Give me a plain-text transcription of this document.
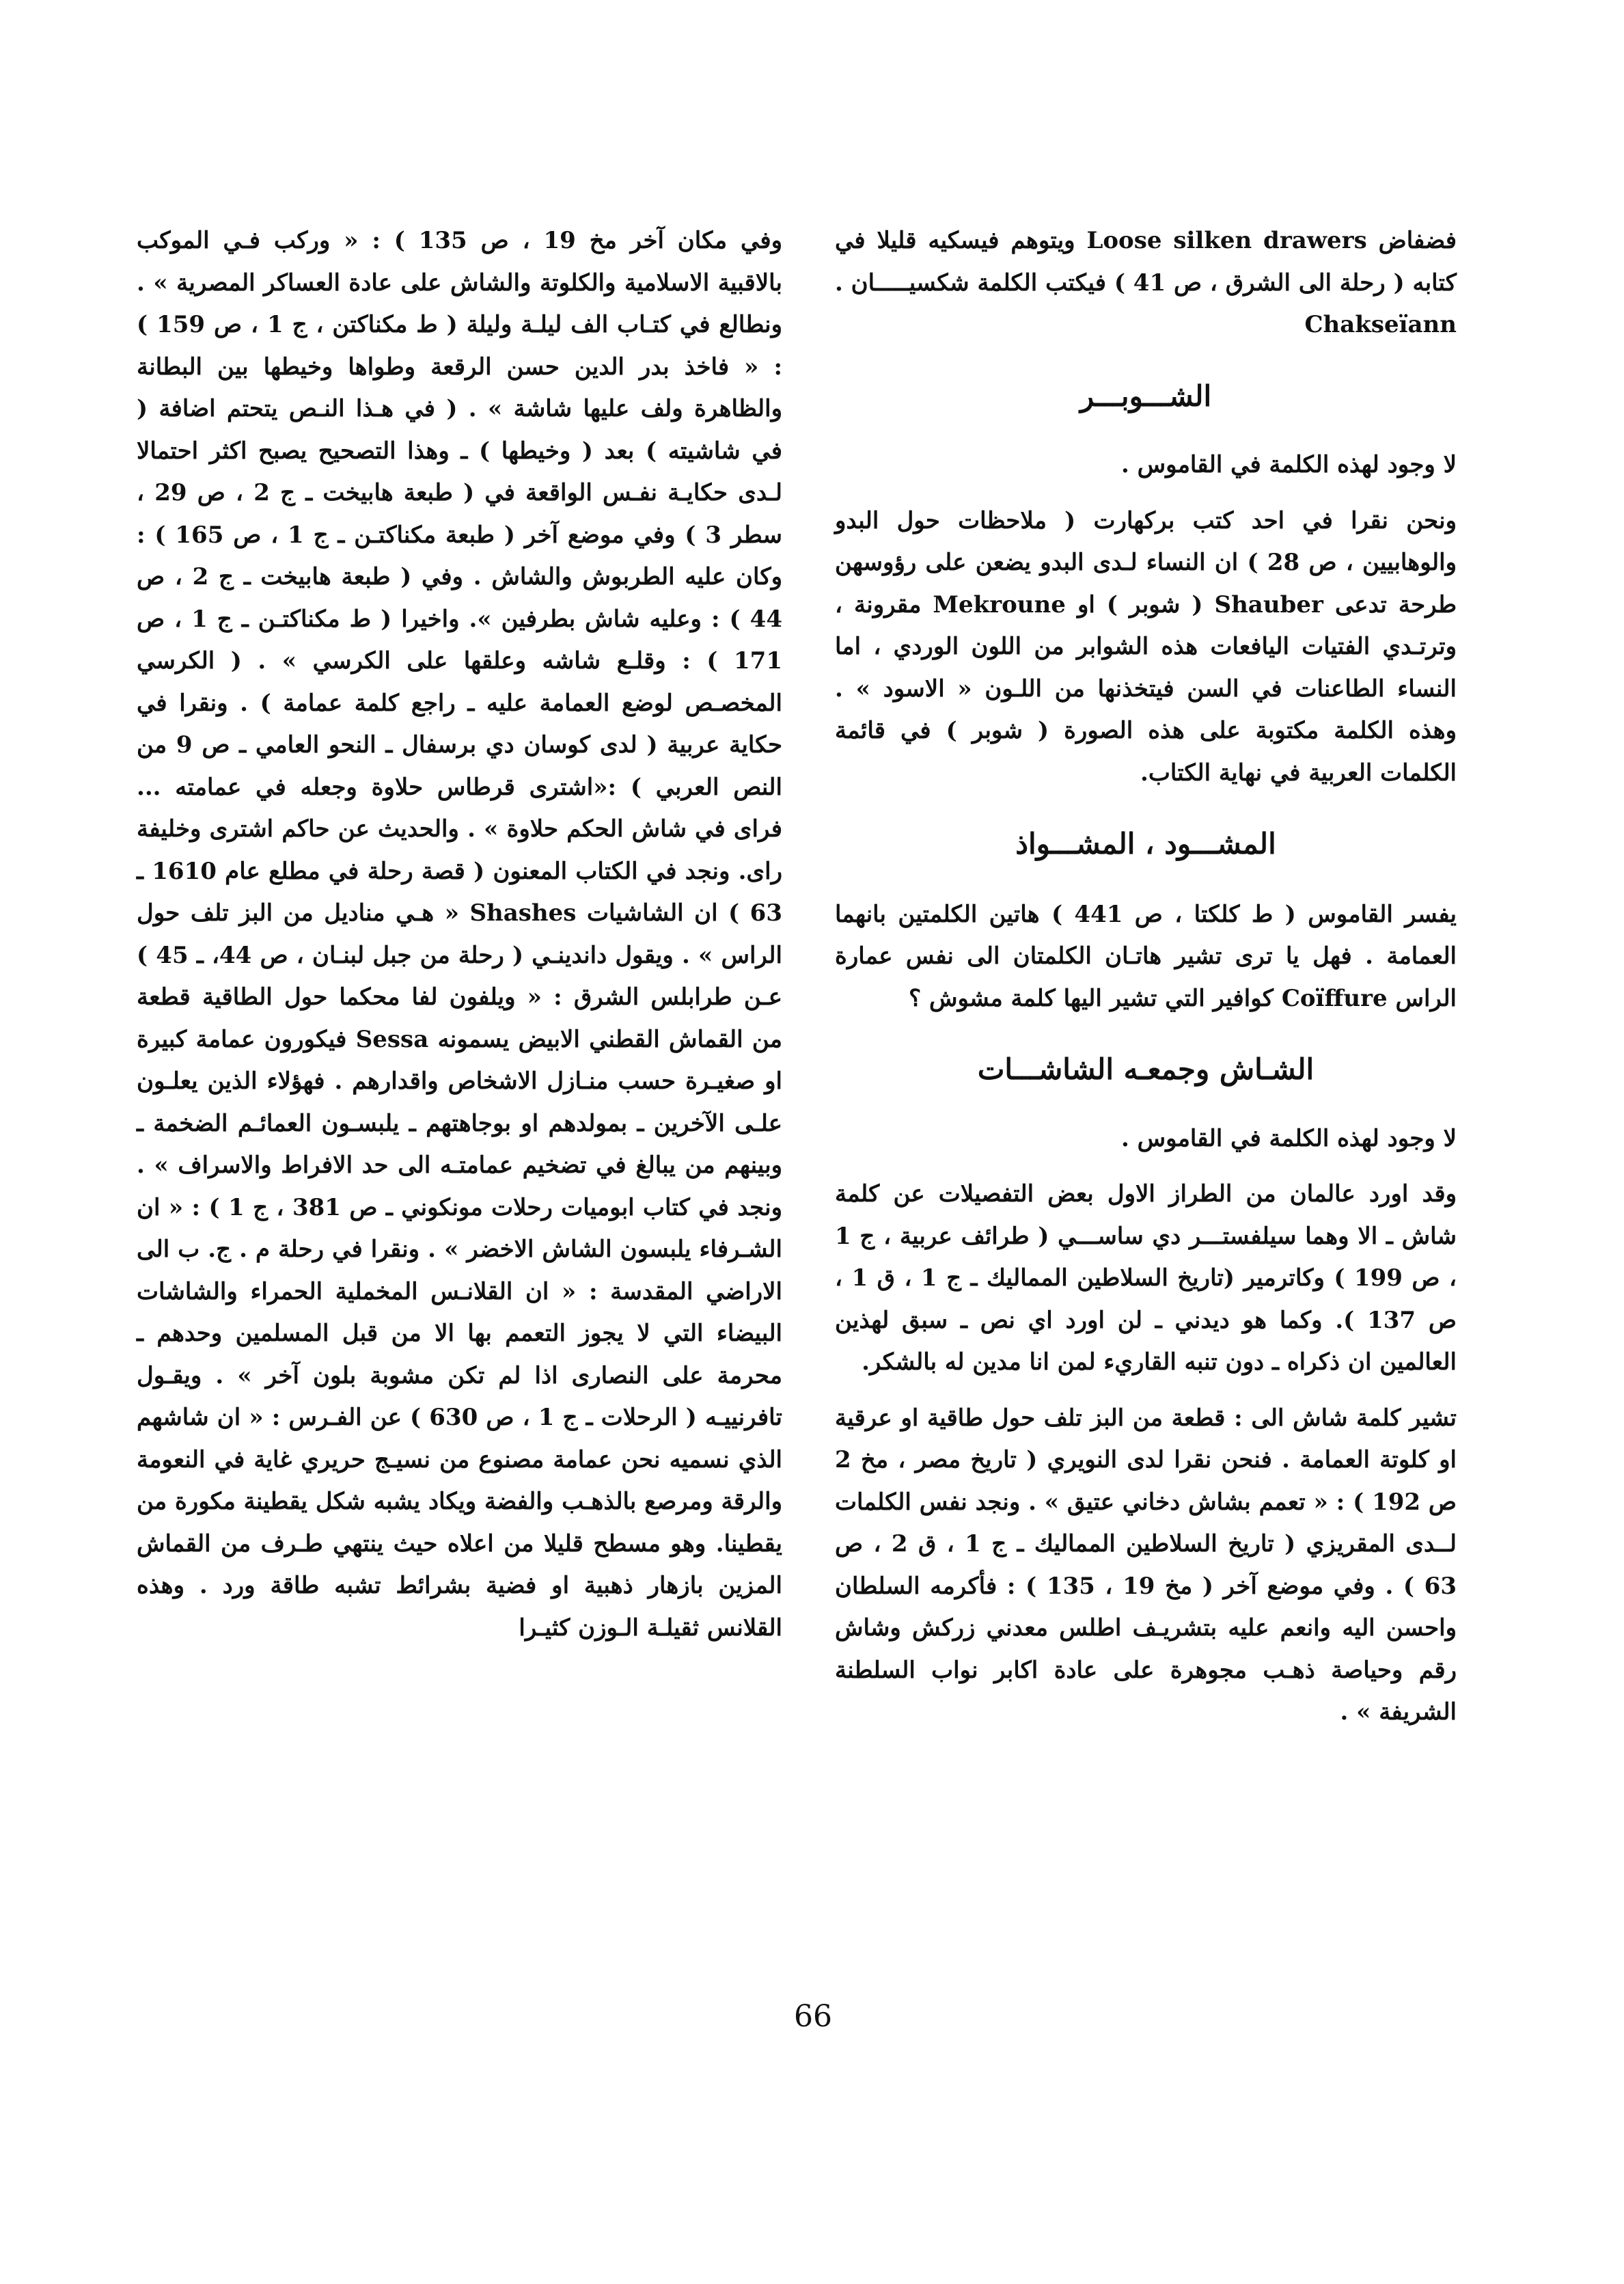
فضفاض Loose silken drawers ويتوهم فيسكيه قليلا في كتابه ( رحلة الى الشرق ، ص 41 ) فيكتب الكلمة شكسيـــــان . Chakseïann

الشـــوبـــر

لا وجود لهذه الكلمة في القاموس .

ونحن نقرا في احد كتب بركهارت ( ملاحظات حول البدو والوهابيين ، ص 28 ) ان النساء لـدى البدو يضعن على رؤوسهن طرحة تدعى Shauber ( شوبر ) او Mekroune مقرونة ، وترتـدي الفتيات اليافعات هذه الشوابر من اللون الوردي ، اما النساء الطاعنات في السن فيتخذنها من اللـون « الاسود » . وهذه الكلمة مكتوبة على هذه الصورة ( شوبر ) في قائمة الكلمات العربية في نهاية الكتاب.

المشـــود ، المشـــواذ

يفسر القاموس ( ط كلكتا ، ص 441 ) هاتين الكلمتين بانهما العمامة . فهل يا ترى تشير هاتـان الكلمتان الى نفس عمارة الراس Coïffure كوافير التي تشير اليها كلمة مشوش ؟

الشـاش وجمعـه الشاشـــات

لا وجود لهذه الكلمة في القاموس .

وقد اورد عالمان من الطراز الاول بعض التفصيلات عن كلمة شاش ـ الا وهما سيلفستـــر دي ساســـي ( طرائف عربية ، ج 1 ، ص 199 ) وكاترمير (تاريخ السلاطين المماليك ـ ج 1 ، ق 1 ، ص 137 ). وكما هو ديدني ـ لن اورد اي نص ـ سبق لهذين العالمين ان ذكراه ـ دون تنبه القاريء لمن انا مدين له بالشكر.

تشير كلمة شاش الى : قطعة من البز تلف حول طاقية او عرقية او كلوتة العمامة . فنحن نقرا لدى النويري ( تاريخ مصر ، مخ 2 ص 192 ) : « تعمم بشاش دخاني عتيق » . ونجد نفس الكلمات لــدى المقريزي ( تاريخ السلاطين المماليك ـ ج 1 ، ق 2 ، ص 63 ) . وفي موضع آخر ( مخ 19 ، 135 ) : فأكرمه السلطان واحسن اليه وانعم عليه بتشريـف اطلس معدني زركش وشاش رقم وحياصة ذهـب مجوهرة على عادة اكابر نواب السلطنة الشريفة » .

وفي مكان آخر مخ 19 ، ص 135 ) : « وركب فـي الموكب بالاقبية الاسلامية والكلوتة والشاش على عادة العساكر المصرية » . ونطالع في كتـاب الف ليلـة وليلة ( ط مكناكتن ، ج 1 ، ص 159 ) : « فاخذ بدر الدين حسن الرقعة وطواها وخيطها بين البطانة والظاهرة ولف عليها شاشة » . ( في هـذا النـص يتحتم اضافة ( في شاشيته ) بعد ( وخيطها ) ـ وهذا التصحيح يصبح اكثر احتمالا لـدى حكايـة نفـس الواقعة في ( طبعة هابيخت ـ ج 2 ، ص 29 ، سطر 3 ) وفي موضع آخر ( طبعة مكناكتـن ـ ج 1 ، ص 165 ) : وكان عليه الطربوش والشاش . وفي ( طبعة هابيخت ـ ج 2 ، ص 44 ) : وعليه شاش بطرفين ». واخيرا ( ط مكناكتـن ـ ج 1 ، ص 171 ) : وقلـع شاشه وعلقها على الكرسي » . ( الكرسي المخصـص لوضع العمامة عليه ـ راجع كلمة عمامة ) . ونقرا في حكاية عربية ( لدى كوسان دي برسفال ـ النحو العامي ـ ص 9 من النص العربي ) :«اشترى قرطاس حلاوة وجعله في عمامته ... فراى في شاش الحكم حلاوة » . والحديث عن حاكم اشترى وخليفة راى. ونجد في الكتاب المعنون ( قصة رحلة في مطلع عام 1610 ـ 63 ) ان الشاشيات Shashes « هـي مناديل من البز تلف حول الراس » . ويقول داندينـي ( رحلة من جبل لبنـان ، ص 44، ـ 45 ) عـن طرابلس الشرق : « ويلفون لفا محكما حول الطاقية قطعة من القماش القطني الابيض يسمونه Sessa فيكورون عمامة كبيرة او صغيـرة حسب منـازل الاشخاص واقدارهم . فهؤلاء الذين يعلـون علـى الآخرين ـ بمولدهم او بوجاهتهم ـ يلبسـون العمائـم الضخمة ـ وبينهم من يبالغ في تضخيم عمامتـه الى حد الافراط والاسراف » . ونجد في كتاب ابوميات رحلات مونكوني ـ ص 381 ، ج 1 ) : « ان الشـرفاء يلبسون الشاش الاخضر » . ونقرا في رحلة م . ج. ب الى الاراضي المقدسة : « ان القلانـس المخملية الحمراء والشاشات البيضاء التي لا يجوز التعمم بها الا من قبل المسلمين وحدهم ـ محرمة على النصارى اذا لم تكن مشوبة بلون آخر » . ويقـول تافرنييـه ( الرحلات ـ ج 1 ، ص 630 ) عن الفـرس : « ان شاشهم الذي نسميه نحن عمامة مصنوع من نسيـج حريري غاية في النعومة والرقة ومرصع بالذهـب والفضة ويكاد يشبه شكل يقطينة مكورة من يقطينا. وهو مسطح قليلا من اعلاه حيث ينتهي طـرف من القماش المزين بازهار ذهبية او فضية بشرائط تشبه طاقة ورد . وهذه القلانس ثقيلـة الـوزن كثيـرا

66
